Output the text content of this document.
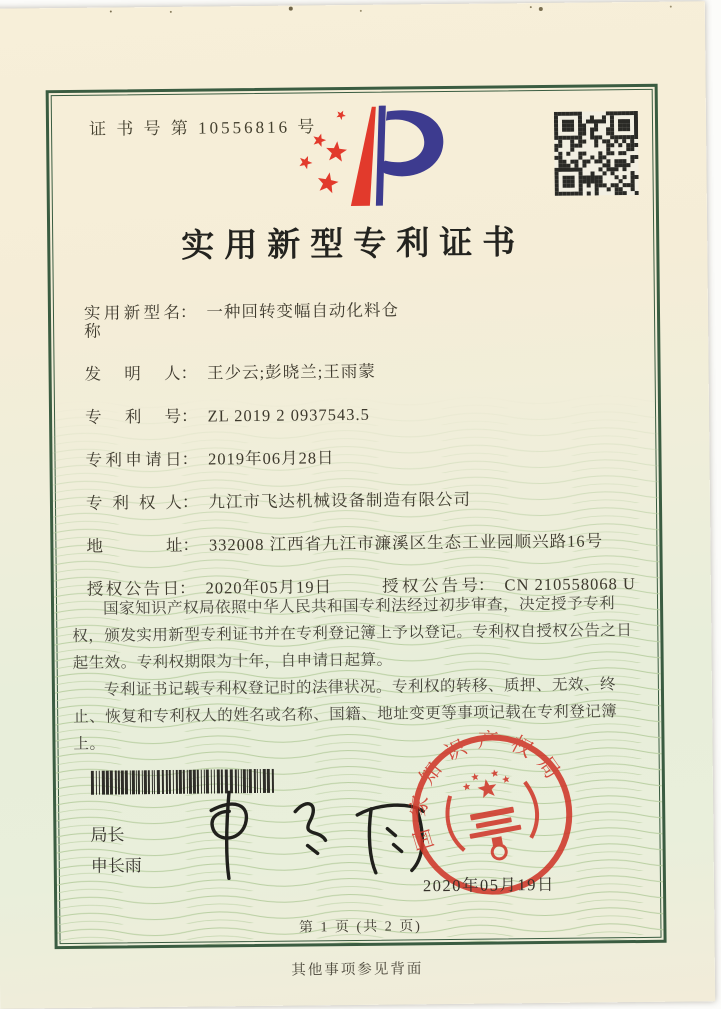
证 书 号 第 10556816 号
实用新型专利证书
实用新型名称
： 一种回转变幅自动化料仓
发明人 ： 王少云;彭晓兰;王雨蒙
专利号 ： ZL 2019 2 0937543.5
专利申请日 ： 2019年06月28日
专利权人 ： 九江市飞达机械设备制造有限公司
地址 ： 332008 江西省九江市濂溪区生态工业园顺兴路16号
授权公告日 ： 2020年05月19日	授权公告号 ： CN 210558068 U

国家知识产权局依照中华人民共和国专利法经过初步审查，决定授予专利权，颁发实用新型专利证书并在专利登记簿上予以登记。专利权自授权公告之日起生效。专利权期限为十年，自申请日起算。

专利证书记载专利权登记时的法律状况。专利权的转移、质押、无效、终止、恢复和专利权人的姓名或名称、国籍、地址变更等事项记载在专利登记簿上。

局长
申长雨
国家知识产权局
2020年05月19日
第 1 页 (共 2 页)
其他事项参见背面
